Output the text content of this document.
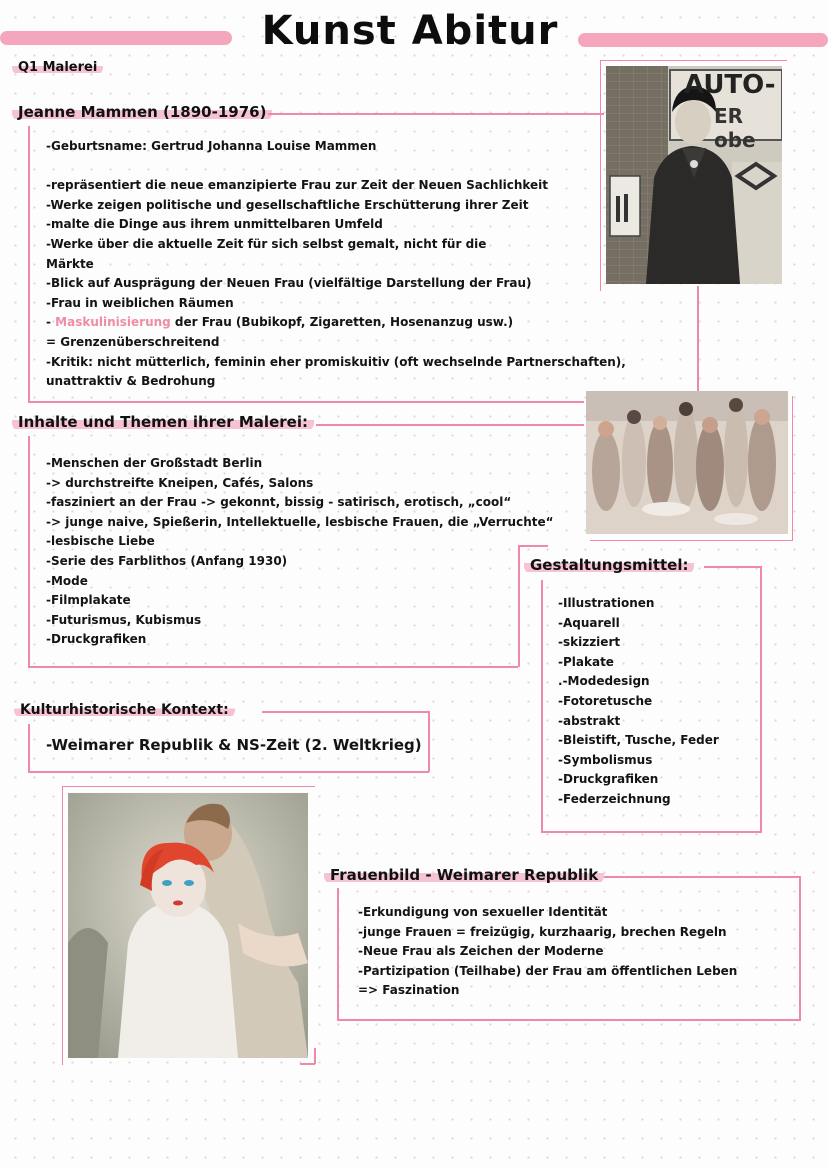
Kunst Abitur
Q1 Malerei
Jeanne Mammen (1890-1976)
-Geburtsname: Gertrud Johanna Louise Mammen
-repräsentiert die neue emanzipierte Frau zur Zeit der Neuen Sachlichkeit
-Werke zeigen politische und gesellschaftliche Erschütterung ihrer Zeit
-malte die Dinge aus ihrem unmittelbaren Umfeld
-Werke über die aktuelle Zeit für sich selbst gemalt, nicht für die
Märkte
-Blick auf Ausprägung der Neuen Frau (vielfältige Darstellung der Frau)
-Frau in weiblichen Räumen
- Maskulinisierung der Frau (Bubikopf, Zigaretten, Hosenanzug usw.)
= Grenzenüberschreitend
-Kritik: nicht mütterlich, feminin eher promiskuitiv (oft wechselnde Partnerschaften),
unattraktiv & Bedrohung
AUTO-
ER obe
Inhalte und Themen ihrer Malerei:
-Menschen der Großstadt Berlin
-> durchstreifte Kneipen, Cafés, Salons
-fasziniert an der Frau -> gekonnt, bissig - satirisch, erotisch, „cool“
-> junge naive, Spießerin, Intellektuelle, lesbische Frauen, die „Verruchte“
-lesbische Liebe
-Serie des Farblithos (Anfang 1930)
-Mode
-Filmplakate
-Futurismus, Kubismus
-Druckgrafiken
Gestaltungsmittel:
-Illustrationen
-Aquarell
-skizziert
-Plakate
.-Modedesign
-Fotoretusche
-abstrakt
-Bleistift, Tusche, Feder
-Symbolismus
-Druckgrafiken
-Federzeichnung
Kulturhistorische Kontext:
-Weimarer Republik & NS-Zeit (2. Weltkrieg)
Frauenbild - Weimarer Republik
-Erkundigung von sexueller Identität
-junge Frauen = freizügig, kurzhaarig, brechen Regeln
-Neue Frau als Zeichen der Moderne
-Partizipation (Teilhabe) der Frau am öffentlichen Leben
=> Faszination
